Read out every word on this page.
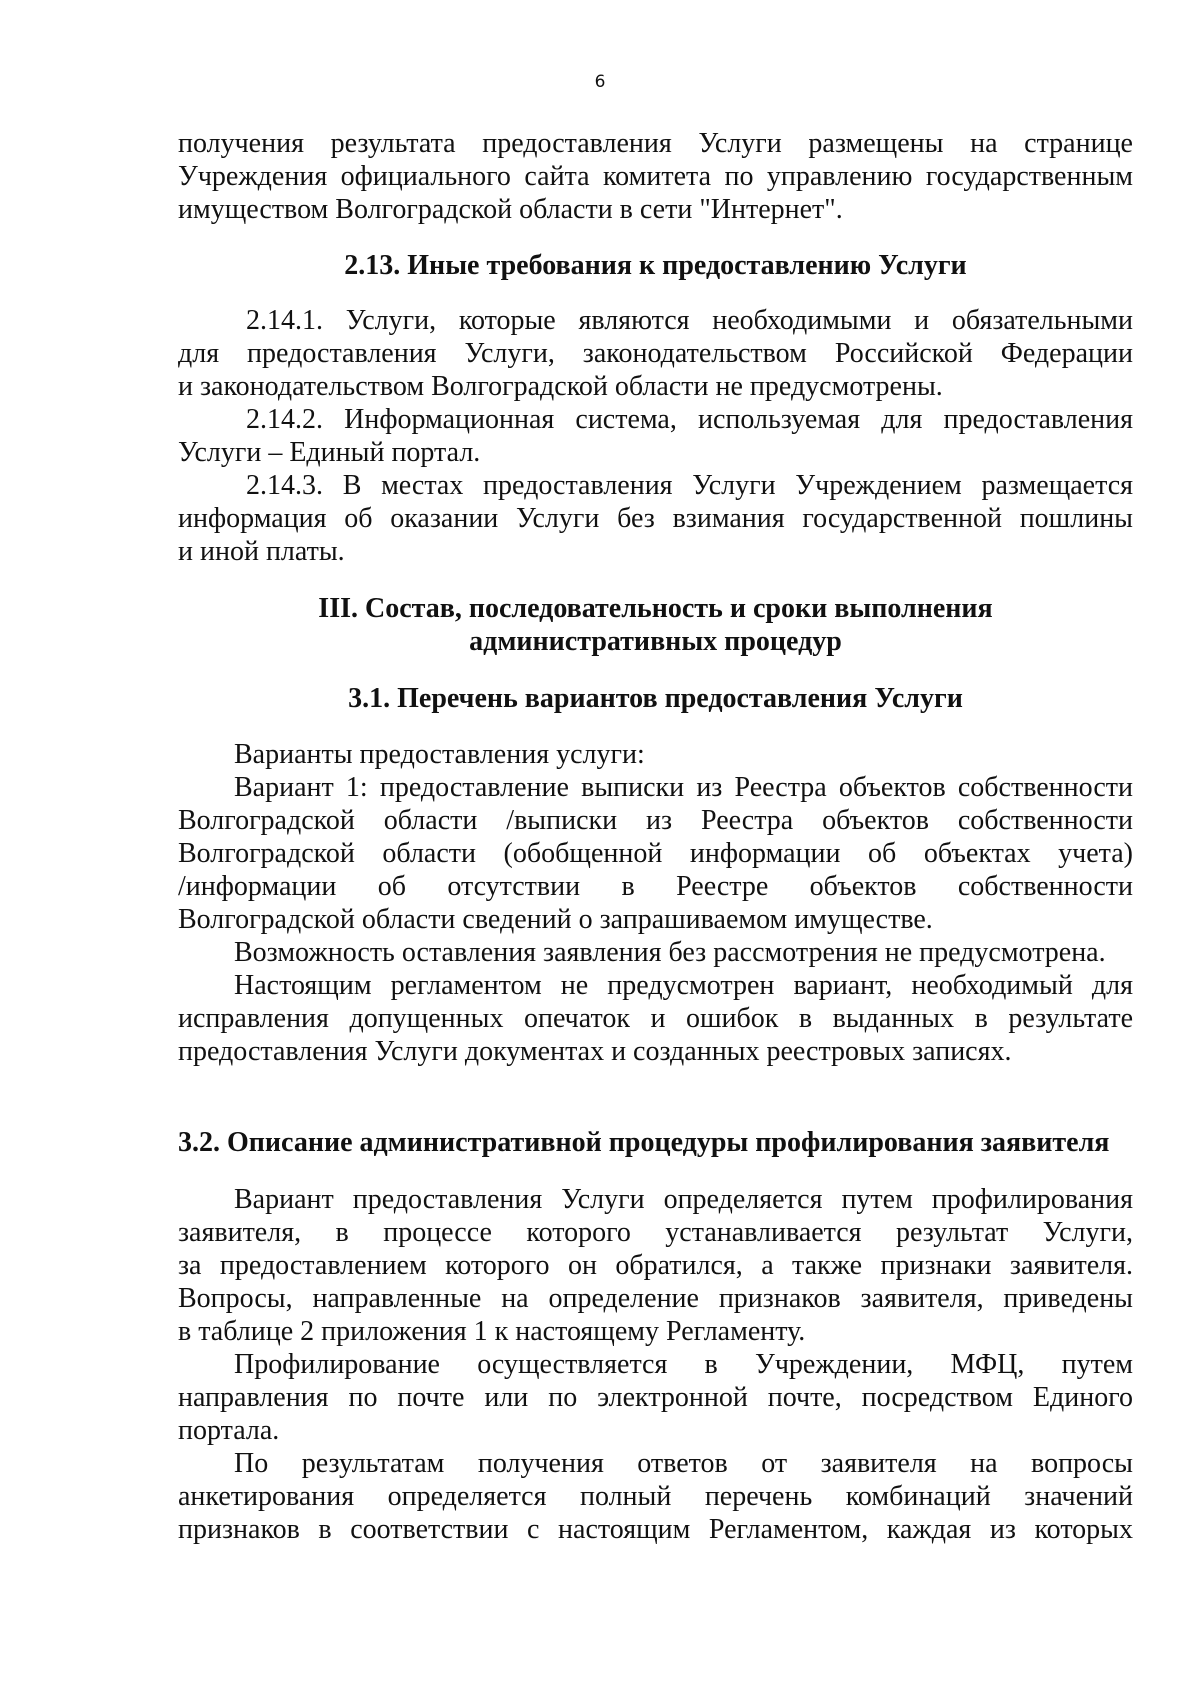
6
получения результата предоставления Услуги размещены на странице
Учреждения официального сайта комитета по управлению государственным
имуществом Волгоградской области в сети "Интернет".
2.13. Иные требования к предоставлению Услуги
2.14.1. Услуги, которые являются необходимыми и обязательными
для предоставления Услуги, законодательством Российской Федерации
и законодательством Волгоградской области не предусмотрены.
2.14.2. Информационная система, используемая для предоставления
Услуги – Единый портал.
2.14.3. В местах предоставления Услуги Учреждением размещается
информация об оказании Услуги без взимания государственной пошлины
и иной платы.
III. Состав, последовательность и сроки выполнения
административных процедур
3.1. Перечень вариантов предоставления Услуги
Варианты предоставления услуги:
Вариант 1: предоставление выписки из Реестра объектов собственности
Волгоградской области /выписки из Реестра объектов собственности
Волгоградской области (обобщенной информации об объектах учета)
/информации об отсутствии в Реестре объектов собственности
Волгоградской области сведений о запрашиваемом имуществе.
Возможность оставления заявления без рассмотрения не предусмотрена.
Настоящим регламентом не предусмотрен вариант, необходимый для
исправления допущенных опечаток и ошибок в выданных в результате
предоставления Услуги документах и созданных реестровых записях.
3.2. Описание административной процедуры профилирования заявителя
Вариант предоставления Услуги определяется путем профилирования
заявителя, в процессе которого устанавливается результат Услуги,
за предоставлением которого он обратился, а также признаки заявителя.
Вопросы, направленные на определение признаков заявителя, приведены
в таблице 2 приложения 1 к настоящему Регламенту.
Профилирование осуществляется в Учреждении, МФЦ, путем
направления по почте или по электронной почте, посредством Единого
портала.
По результатам получения ответов от заявителя на вопросы
анкетирования определяется полный перечень комбинаций значений
признаков в соответствии с настоящим Регламентом, каждая из которых
